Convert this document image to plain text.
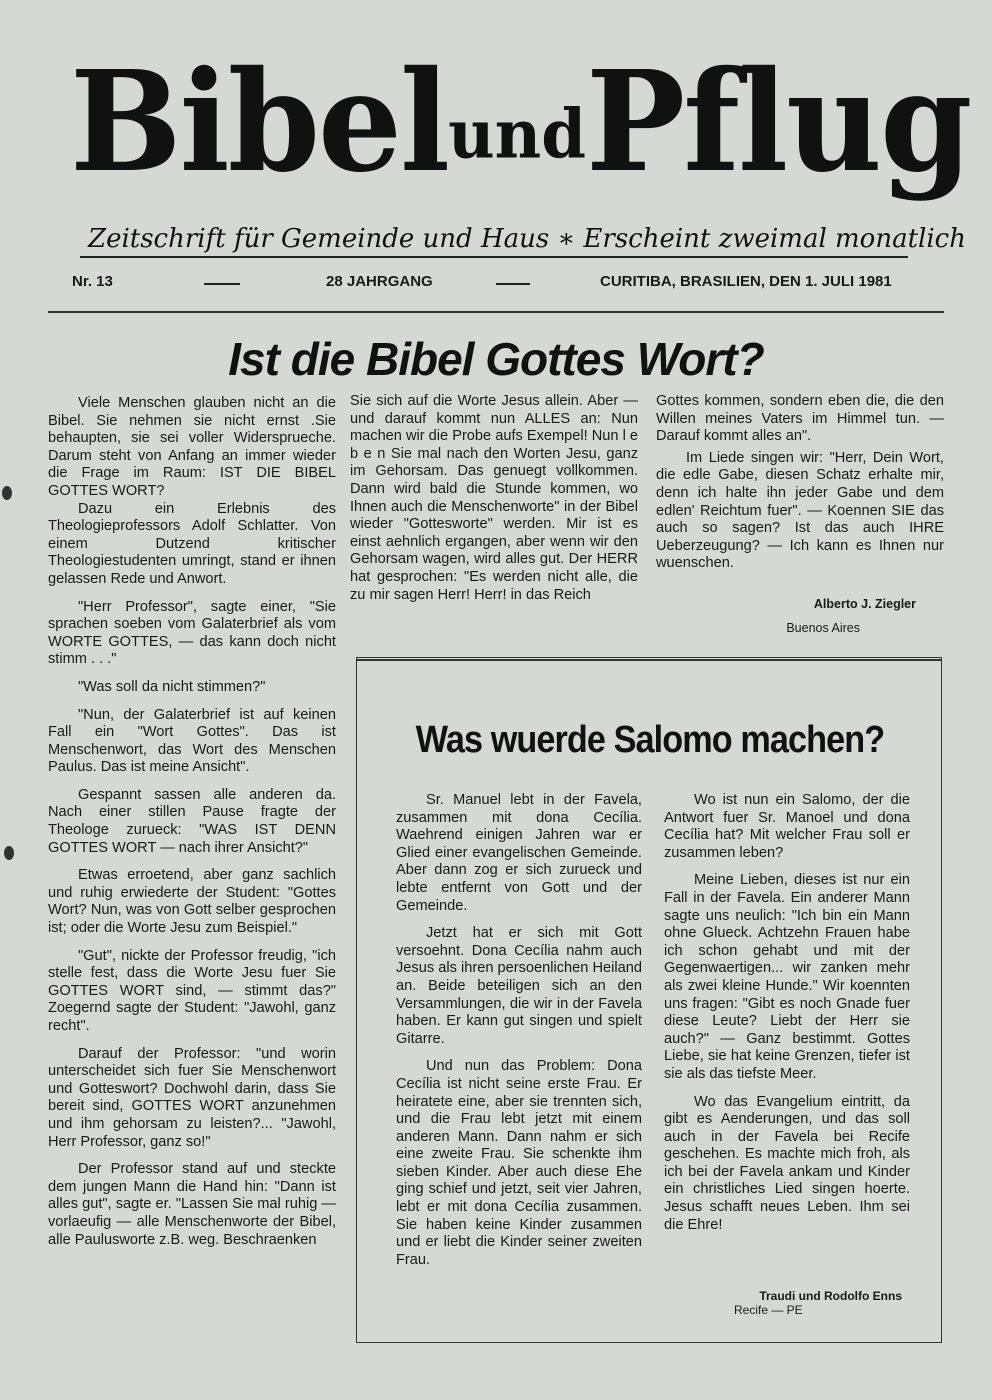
BibelundPflug
Zeitschrift für Gemeinde und Haus ∗ Erscheint zweimal monatlich
Nr. 13	28 JAHRGANG	CURITIBA, BRASILIEN, DEN 1. JULI 1981
Ist die Bibel Gottes Wort?

Viele Menschen glauben nicht an die Bibel. Sie nehmen sie nicht ernst .Sie behaupten, sie sei voller Widersprueche. Darum steht von Anfang an immer wieder die Frage im Raum: IST DIE BIBEL GOTTES WORT?

Dazu ein Erlebnis des Theologieprofessors Adolf Schlatter. Von einem Dutzend kritischer Theologiestudenten umringt, stand er ihnen gelassen Rede und Anwort.

"Herr Professor", sagte einer, "Sie sprachen soeben vom Galaterbrief als vom WORTE GOTTES, — das kann doch nicht stimm . . ."

"Was soll da nicht stimmen?"

"Nun, der Galaterbrief ist auf keinen Fall ein "Wort Gottes". Das ist Menschenwort, das Wort des Menschen Paulus. Das ist meine Ansicht".

Gespannt sassen alle anderen da. Nach einer stillen Pause fragte der Theologe zurueck: "WAS IST DENN GOTTES WORT — nach ihrer Ansicht?"

Etwas erroetend, aber ganz sachlich und ruhig erwiederte der Student: "Gottes Wort? Nun, was von Gott selber gesprochen ist; oder die Worte Jesu zum Beispiel."

"Gut", nickte der Professor freudig, "ich stelle fest, dass die Worte Jesu fuer Sie GOTTES WORT sind, — stimmt das?" Zoegernd sagte der Student: "Jawohl, ganz recht".

Darauf der Professor: "und worin unterscheidet sich fuer Sie Menschenwort und Gotteswort? Dochwohl darin, dass Sie bereit sind, GOTTES WORT anzunehmen und ihm gehorsam zu leisten?... "Jawohl, Herr Professor, ganz so!"

Der Professor stand auf und steckte dem jungen Mann die Hand hin: "Dann ist alles gut", sagte er. "Lassen Sie mal ruhig — vorlaeufig — alle Menschenworte der Bibel, alle Paulusworte z.B. weg. Beschraenken

Sie sich auf die Worte Jesus allein. Aber — und darauf kommt nun ALLES an: Nun machen wir die Probe aufs Exempel! Nun l e b e n Sie mal nach den Worten Jesu, ganz im Gehorsam. Das genuegt vollkommen. Dann wird bald die Stunde kommen, wo Ihnen auch die Menschenworte" in der Bibel wieder "Gottesworte" werden. Mir ist es einst aehnlich ergangen, aber wenn wir den Gehorsam wagen, wird alles gut. Der HERR hat gesprochen: "Es werden nicht alle, die zu mir sagen Herr! Herr! in das Reich

Gottes kommen, sondern eben die, die den Willen meines Vaters im Himmel tun. — Darauf kommt alles an".

Im Liede singen wir: "Herr, Dein Wort, die edle Gabe, diesen Schatz erhalte mir, denn ich halte ihn jeder Gabe und dem edlen' Reichtum fuer". — Koennen SIE das auch so sagen? Ist das auch IHRE Ueberzeugung? — Ich kann es Ihnen nur wuenschen.

Alberto J. Ziegler
Buenos Aires
Was wuerde Salomo machen?

Sr. Manuel lebt in der Favela, zusammen mit dona Cecília. Waehrend einigen Jahren war er Glied einer evangelischen Gemeinde. Aber dann zog er sich zurueck und lebte entfernt von Gott und der Gemeinde.

Jetzt hat er sich mit Gott versoehnt. Dona Cecília nahm auch Jesus als ihren persoenlichen Heiland an. Beide beteiligen sich an den Versammlungen, die wir in der Favela haben. Er kann gut singen und spielt Gitarre.

Und nun das Problem: Dona Cecília ist nicht seine erste Frau. Er heiratete eine, aber sie trennten sich, und die Frau lebt jetzt mit einem anderen Mann. Dann nahm er sich eine zweite Frau. Sie schenkte ihm sieben Kinder. Aber auch diese Ehe ging schief und jetzt, seit vier Jahren, lebt er mit dona Cecília zusammen. Sie haben keine Kinder zusammen und er liebt die Kinder seiner zweiten Frau.

Wo ist nun ein Salomo, der die Antwort fuer Sr. Manoel und dona Cecília hat? Mit welcher Frau soll er zusammen leben?

Meine Lieben, dieses ist nur ein Fall in der Favela. Ein anderer Mann sagte uns neulich: "Ich bin ein Mann ohne Glueck. Achtzehn Frauen habe ich schon gehabt und mit der Gegenwaertigen... wir zanken mehr als zwei kleine Hunde." Wir koennten uns fragen: "Gibt es noch Gnade fuer diese Leute? Liebt der Herr sie auch?" — Ganz bestimmt. Gottes Liebe, sie hat keine Grenzen, tiefer ist sie als das tiefste Meer.

Wo das Evangelium eintritt, da gibt es Aenderungen, und das soll auch in der Favela bei Recife geschehen. Es machte mich froh, als ich bei der Favela ankam und Kinder ein christliches Lied singen hoerte. Jesus schafft neues Leben. Ihm sei die Ehre!

Traudi und Rodolfo Enns
Recife — PE
